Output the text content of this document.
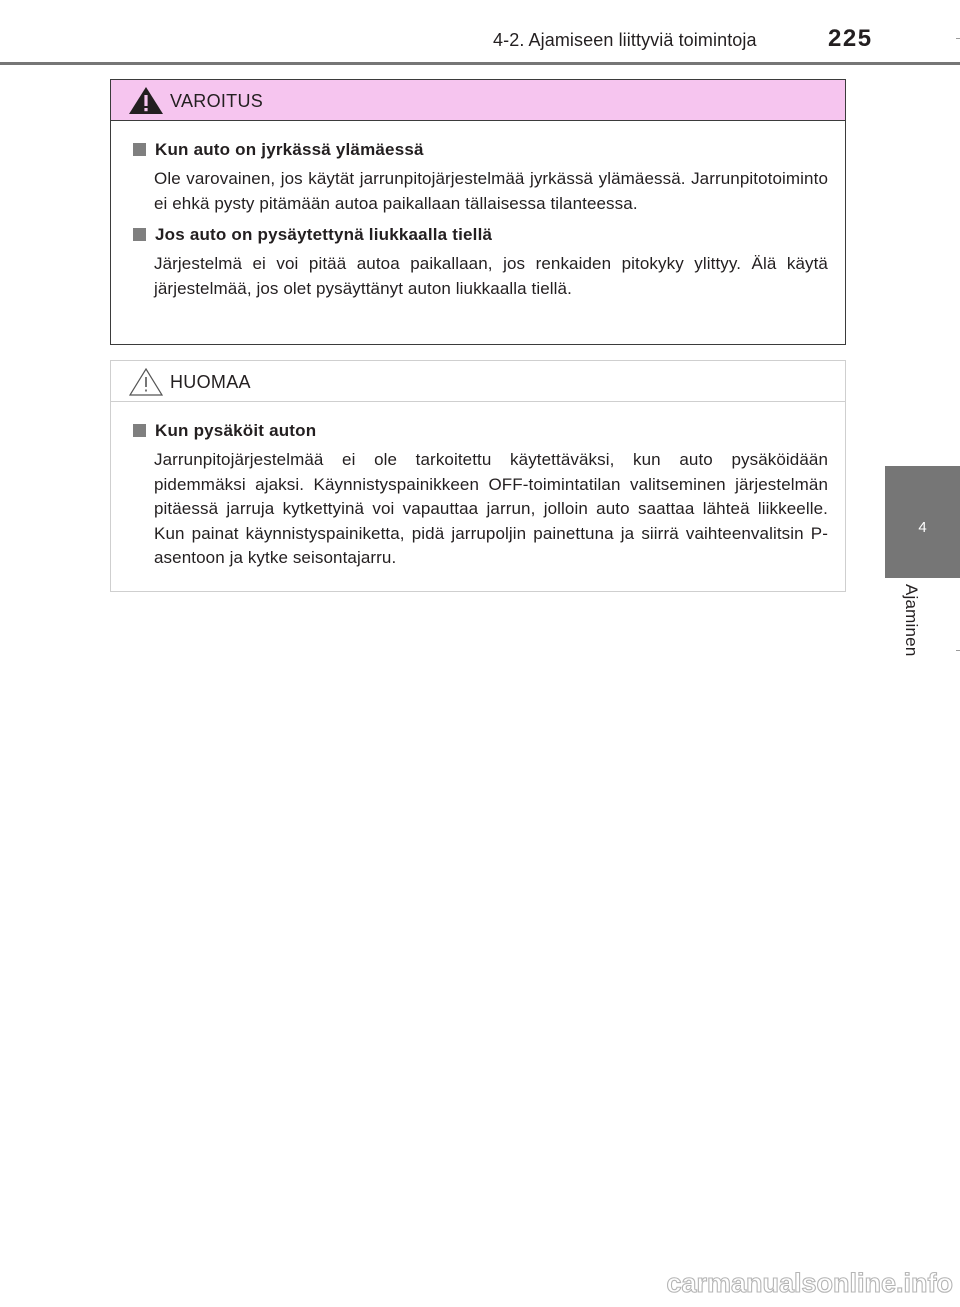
4-2. Ajamiseen liittyviä toimintoja	225
4
Ajaminen
VAROITUS
Kun auto on jyrkässä ylämäessä
Ole varovainen, jos käytät jarrunpitojärjestelmää jyrkässä ylämäessä. Jarrunpitotoiminto ei ehkä pysty pitämään autoa paikallaan tällaisessa tilanteessa.
Jos auto on pysäytettynä liukkaalla tiellä
Järjestelmä ei voi pitää autoa paikallaan, jos renkaiden pitokyky ylittyy. Älä käytä järjestelmää, jos olet pysäyttänyt auton liukkaalla tiellä.
HUOMAA
Kun pysäköit auton
Jarrunpitojärjestelmää ei ole tarkoitettu käytettäväksi, kun auto pysäköidään pidemmäksi ajaksi. Käynnistyspainikkeen OFF-toimintatilan valitseminen järjestelmän pitäessä jarruja kytkettyinä voi vapauttaa jarrun, jolloin auto saattaa lähteä liikkeelle. Kun painat käynnistyspainiketta, pidä jarrupoljin painettuna ja siirrä vaihteenvalitsin P-asentoon ja kytke seisontajarru.
carmanualsonline.info
